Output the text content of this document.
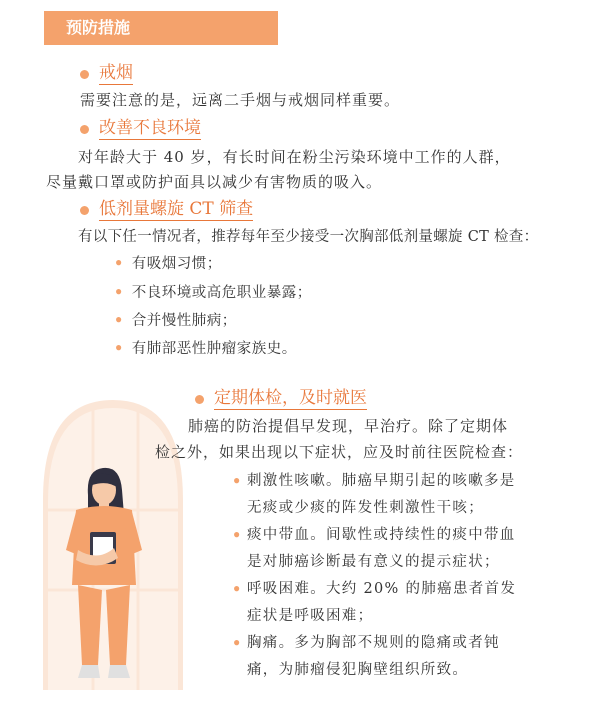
预防措施
戒烟
需要注意的是，远离二手烟与戒烟同样重要。
改善不良环境
对年龄大于 40 岁，有长时间在粉尘污染环境中工作的人群，
尽量戴口罩或防护面具以减少有害物质的吸入。
低剂量螺旋 CT 筛查
有以下任一情况者，推荐每年至少接受一次胸部低剂量螺旋 CT 检查：
• 有吸烟习惯；
• 不良环境或高危职业暴露；
• 合并慢性肺病；
• 有肺部恶性肿瘤家族史。
定期体检，及时就医
肺癌的防治提倡早发现，早治疗。除了定期体
检之外，如果出现以下症状，应及时前往医院检查：
• 刺激性咳嗽。肺癌早期引起的咳嗽多是
无痰或少痰的阵发性刺激性干咳；
• 痰中带血。间歇性或持续性的痰中带血
是对肺癌诊断最有意义的提示症状；
• 呼吸困难。大约 20% 的肺癌患者首发
症状是呼吸困难；
• 胸痛。多为胸部不规则的隐痛或者钝
痛，为肺瘤侵犯胸壁组织所致。
